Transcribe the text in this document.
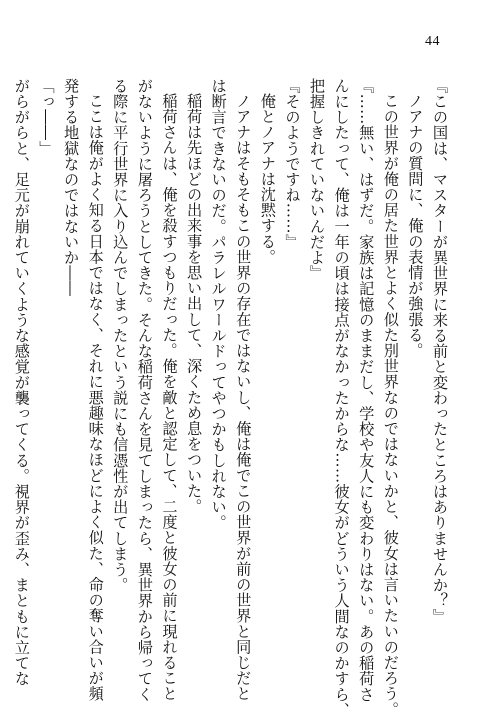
44
『この国は、マスターが異世界に来る前と変わったところはありませんか？』
ノアナの質問に、俺の表情が強張る。
この世界が俺の居た世界とよく似た別世界なのではないかと、彼女は言いたいのだろう。
『……無い、はずだ。家族は記憶のままだし、学校や友人にも変わりはない。あの稲荷さ
んにしたって、俺は一年の頃は接点がなかったからな……彼女がどういう人間なのかすら、
把握しきれていないんだよ』
『そのようですね……』
俺とノアナは沈黙する。
ノアナはそもそもこの世界の存在ではないし、俺は俺でこの世界が前の世界と同じだと
は断言できないのだ。パラレルワールドってやつかもしれない。
稲荷は先ほどの出来事を思い出して、深くため息をついた。
稲荷さんは、俺を殺すつもりだった。俺を敵と認定して、二度と彼女の前に現れること
がないように屠ろうとしてきた。そんな稲荷さんを見てしまったら、異世界から帰ってく
る際に平行世界に入り込んでしまったという説にも信憑性が出てしまう。
ここは俺がよく知る日本ではなく、それに悪趣味なほどによく似た、命の奪い合いが頻
発する地獄なのではないか――
「っ――」
がらがらと、足元が崩れていくような感覚が襲ってくる。視界が歪み、まともに立てな
